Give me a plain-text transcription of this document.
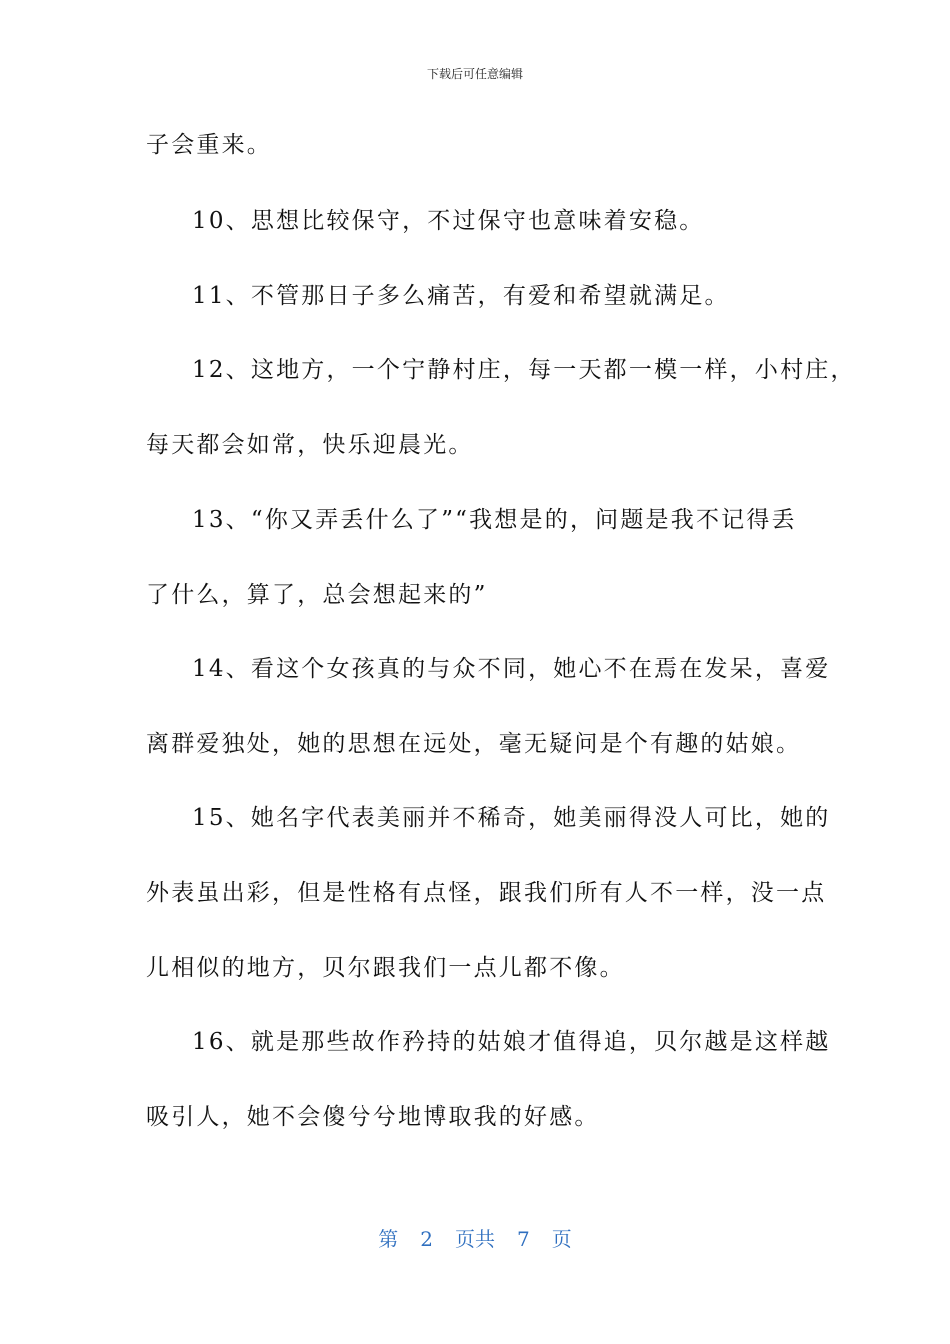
下载后可任意编辑
子会重来。
10、思想比较保守，不过保守也意味着安稳。
11、不管那日子多么痛苦，有爱和希望就满足。
12、这地方，一个宁静村庄，每一天都一模一样，小村庄，
每天都会如常，快乐迎晨光。
13、“你又弄丢什么了”“我想是的，问题是我不记得丢
了什么，算了，总会想起来的”
14、看这个女孩真的与众不同，她心不在焉在发呆，喜爱
离群爱独处，她的思想在远处，毫无疑问是个有趣的姑娘。
15、她名字代表美丽并不稀奇，她美丽得没人可比，她的
外表虽出彩，但是性格有点怪，跟我们所有人不一样，没一点
儿相似的地方，贝尔跟我们一点儿都不像。
16、就是那些故作矜持的姑娘才值得追，贝尔越是这样越
吸引人，她不会傻兮兮地博取我的好感。
第 2 页共 7 页
